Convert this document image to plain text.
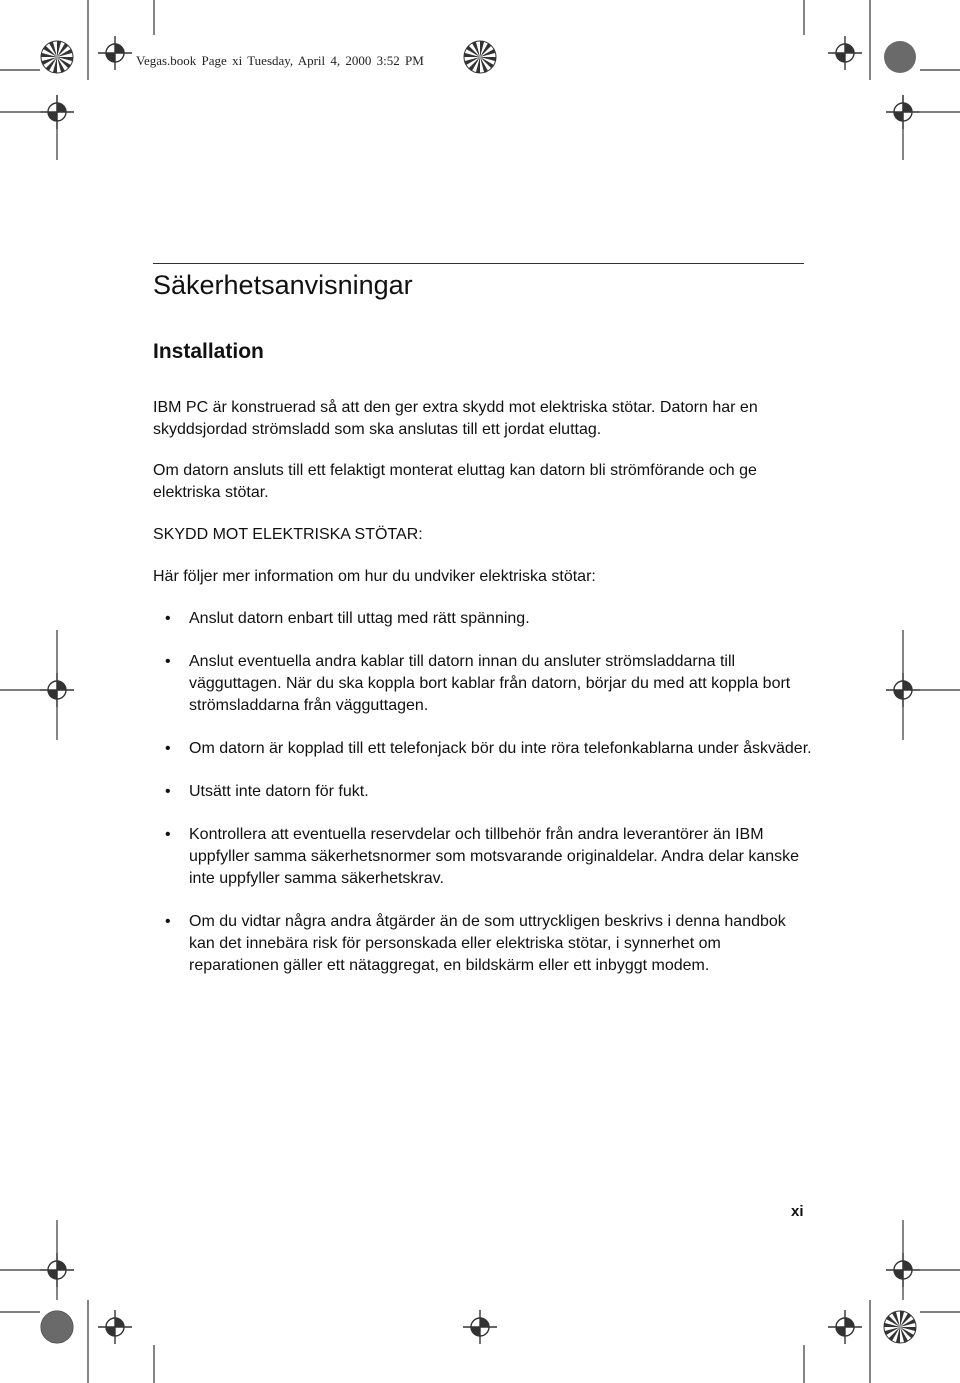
Vegas.book Page xi Tuesday, April 4, 2000 3:52 PM
Säkerhetsanvisningar
Installation

IBM PC är konstruerad så att den ger extra skydd mot elektriska stötar. Datorn har en skyddsjordad strömsladd som ska anslutas till ett jordat eluttag.

Om datorn ansluts till ett felaktigt monterat eluttag kan datorn bli strömförande och ge elektriska stötar.

SKYDD MOT ELEKTRISKA STÖTAR:

Här följer mer information om hur du undviker elektriska stötar:

• Anslut datorn enbart till uttag med rätt spänning.
• Anslut eventuella andra kablar till datorn innan du ansluter strömsladdarna till vägguttagen. När du ska koppla bort kablar från datorn, börjar du med att koppla bort strömsladdarna från vägguttagen.
• Om datorn är kopplad till ett telefonjack bör du inte röra telefonkablarna under åskväder.
• Utsätt inte datorn för fukt.
• Kontrollera att eventuella reservdelar och tillbehör från andra leverantörer än IBM uppfyller samma säkerhetsnormer som motsvarande originaldelar. Andra delar kanske inte uppfyller samma säkerhetskrav.
• Om du vidtar några andra åtgärder än de som uttryckligen beskrivs i denna handbok kan det innebära risk för personskada eller elektriska stötar, i synnerhet om reparationen gäller ett nätaggregat, en bildskärm eller ett inbyggt modem.
xi
